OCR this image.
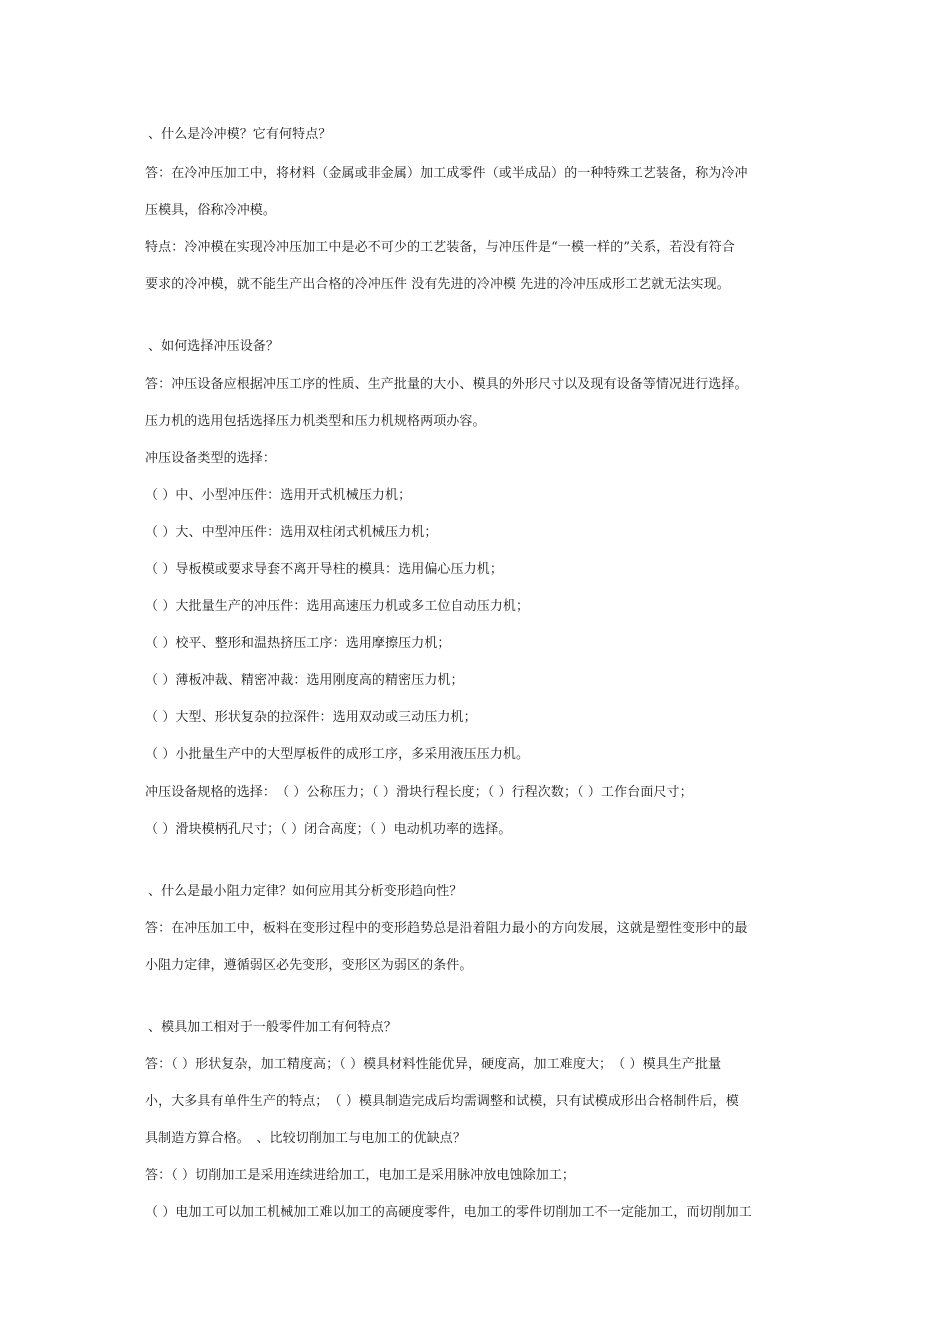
、什么是冷冲模？它有何特点？
答：在冷冲压加工中，将材料（金属或非金属）加工成零件（或半成品）的一种特殊工艺装备，称为冷冲
压模具，俗称冷冲模。
特点：冷冲模在实现冷冲压加工中是必不可少的工艺装备，与冲压件是“一模一样的”关系，若没有符合
要求的冷冲模，就不能生产出合格的冷冲压件 没有先进的冷冲模 先进的冷冲压成形工艺就无法实现。
、如何选择冲压设备？
答：冲压设备应根据冲压工序的性质、生产批量的大小、模具的外形尺寸以及现有设备等情况进行选择。
压力机的选用包括选择压力机类型和压力机规格两项办容。
冲压设备类型的选择：
（ ）中、小型冲压件：选用开式机械压力机；
（ ）大、中型冲压件：选用双柱闭式机械压力机；
（ ）导板模或要求导套不离开导柱的模具：选用偏心压力机；
（ ）大批量生产的冲压件：选用高速压力机或多工位自动压力机；
（ ）校平、整形和温热挤压工序：选用摩擦压力机；
（ ）薄板冲裁、精密冲裁：选用刚度高的精密压力机；
（ ）大型、形状复杂的拉深件：选用双动或三动压力机；
（ ）小批量生产中的大型厚板件的成形工序，多采用液压压力机。
冲压设备规格的选择：　（ ）公称压力；（ ）滑块行程长度；（ ）行程次数；（ ）工作台面尺寸；
（ ）滑块模柄孔尺寸；（ ）闭合高度；（ ）电动机功率的选择。
、什么是最小阻力定律？如何应用其分析变形趋向性？
答：在冲压加工中，板料在变形过程中的变形趋势总是沿着阻力最小的方向发展，这就是塑性变形中的最
小阻力定律，遵循弱区必先变形，变形区为弱区的条件。
、模具加工相对于一般零件加工有何特点？
答：（ ）形状复杂，加工精度高；（ ）模具材料性能优异，硬度高，加工难度大；　（ ）模具生产批量
小，大多具有单件生产的特点；　（ ）模具制造完成后均需调整和试模，只有试模成形出合格制件后，模
具制造方算合格。　、比较切削加工与电加工的优缺点？
答：（ ）切削加工是采用连续进给加工，电加工是采用脉冲放电蚀除加工；
（ ）电加工可以加工机械加工难以加工的高硬度零件，电加工的零件切削加工不一定能加工，而切削加工
